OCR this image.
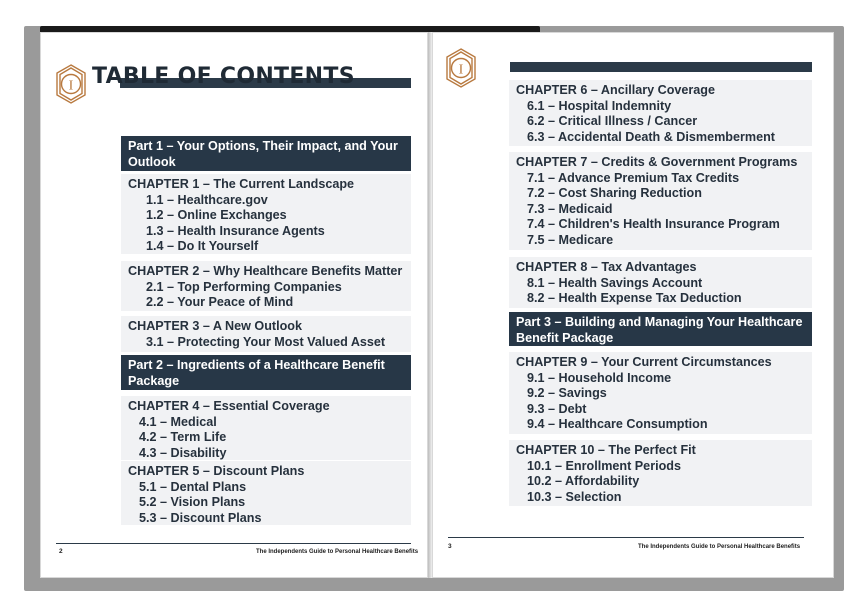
I TABLE OF CONTENTS
Part 1 – Your Options, Their Impact, and Your Outlook
CHAPTER 1 – The Current Landscape
1.1 – Healthcare.gov
1.2 – Online Exchanges
1.3 – Health Insurance Agents
1.4 – Do It Yourself
CHAPTER 2 – Why Healthcare Benefits Matter
2.1 – Top Performing Companies
2.2 – Your Peace of Mind
CHAPTER 3 – A New Outlook
3.1 – Protecting Your Most Valued Asset
Part 2 – Ingredients of a Healthcare Benefit Package
CHAPTER 4 – Essential Coverage
4.1 – Medical
4.2 – Term Life
4.3 – Disability
CHAPTER 5 – Discount Plans
5.1 – Dental Plans
5.2 – Vision Plans
5.3 – Discount Plans
2	The Independents Guide to Personal Healthcare Benefits
I
CHAPTER 6 – Ancillary Coverage
6.1 – Hospital Indemnity
6.2 – Critical Illness / Cancer
6.3 – Accidental Death & Dismemberment
CHAPTER 7 – Credits & Government Programs
7.1 – Advance Premium Tax Credits
7.2 – Cost Sharing Reduction
7.3 – Medicaid
7.4 – Children's Health Insurance Program
7.5 – Medicare
CHAPTER 8 – Tax Advantages
8.1 – Health Savings Account
8.2 – Health Expense Tax Deduction
Part 3 – Building and Managing Your Healthcare Benefit Package
CHAPTER 9 – Your Current Circumstances
9.1 – Household Income
9.2 – Savings
9.3 – Debt
9.4 – Healthcare Consumption
CHAPTER 10 – The Perfect Fit
10.1 – Enrollment Periods
10.2 – Affordability
10.3 – Selection
3	The Independents Guide to Personal Healthcare Benefits
